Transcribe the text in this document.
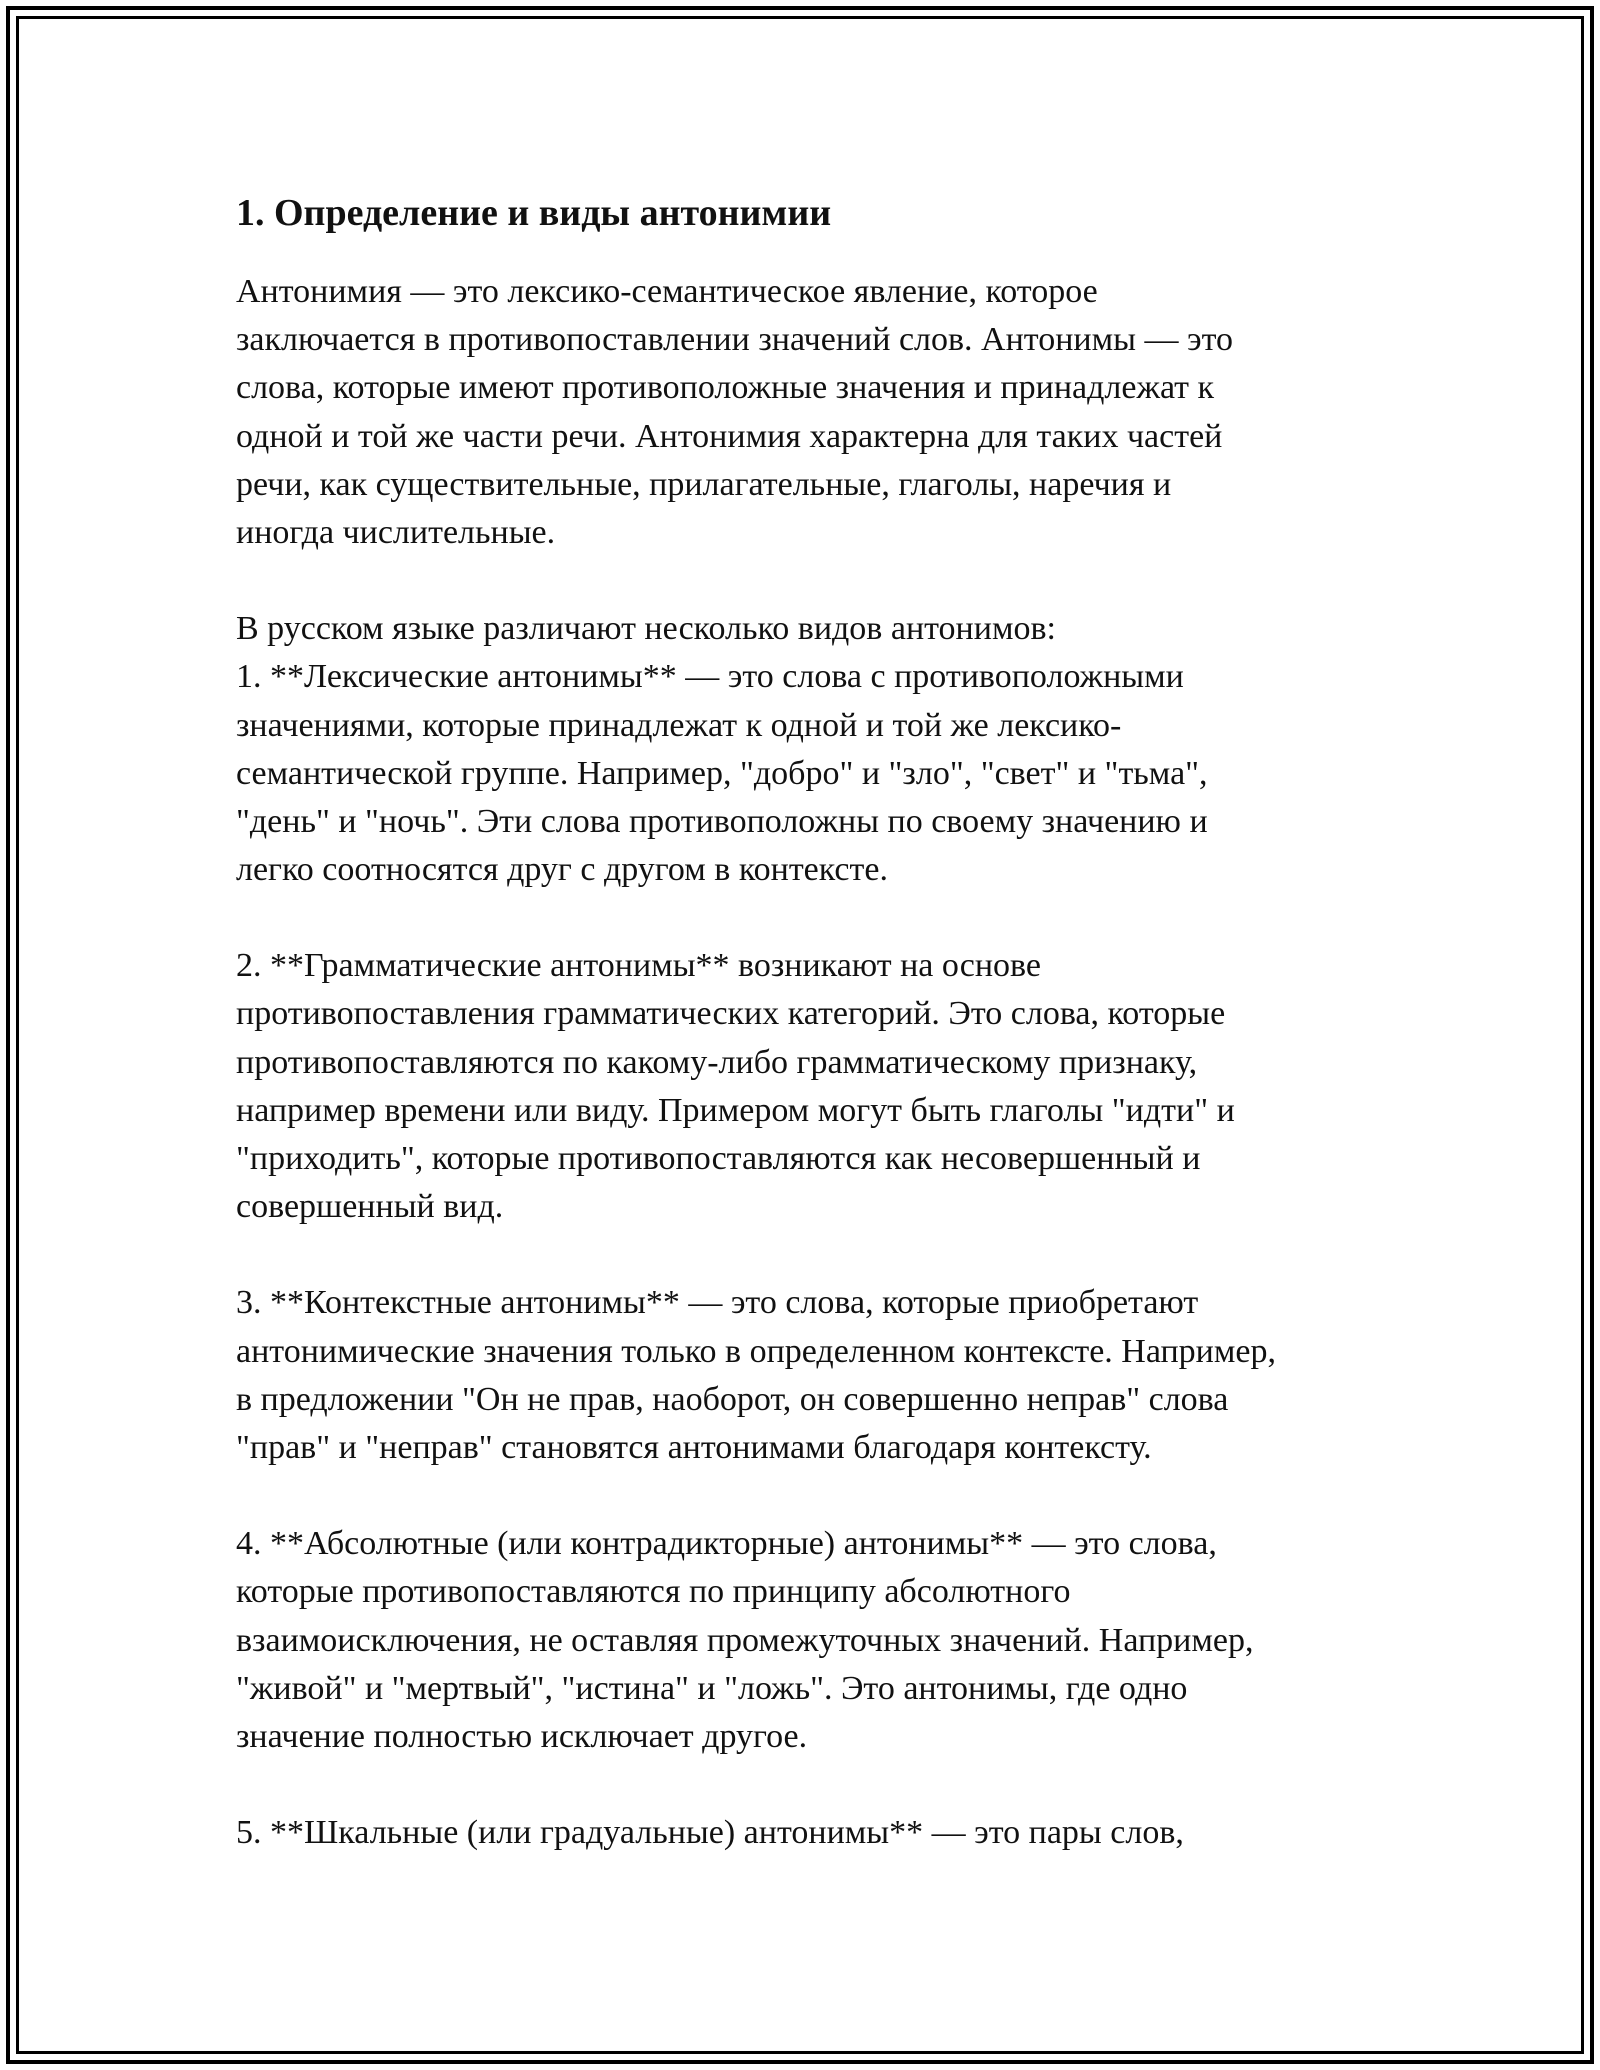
1. Определение и виды антонимии

Антонимия — это лексико-семантическое явление, которое
заключается в противопоставлении значений слов. Антонимы — это
слова, которые имеют противоположные значения и принадлежат к
одной и той же части речи. Антонимия характерна для таких частей
речи, как существительные, прилагательные, глаголы, наречия и
иногда числительные.

В русском языке различают несколько видов антонимов:
1. **Лексические антонимы** — это слова с противоположными
значениями, которые принадлежат к одной и той же лексико-
семантической группе. Например, "добро" и "зло", "свет" и "тьма",
"день" и "ночь". Эти слова противоположны по своему значению и
легко соотносятся друг с другом в контексте.

2. **Грамматические антонимы** возникают на основе
противопоставления грамматических категорий. Это слова, которые
противопоставляются по какому-либо грамматическому признаку,
например времени или виду. Примером могут быть глаголы "идти" и
"приходить", которые противопоставляются как несовершенный и
совершенный вид.

3. **Контекстные антонимы** — это слова, которые приобретают
антонимические значения только в определенном контексте. Например,
в предложении "Он не прав, наоборот, он совершенно неправ" слова
"прав" и "неправ" становятся антонимами благодаря контексту.

4. **Абсолютные (или контрадикторные) антонимы** — это слова,
которые противопоставляются по принципу абсолютного
взаимоисключения, не оставляя промежуточных значений. Например,
"живой" и "мертвый", "истина" и "ложь". Это антонимы, где одно
значение полностью исключает другое.

5. **Шкальные (или градуальные) антонимы** — это пары слов,
